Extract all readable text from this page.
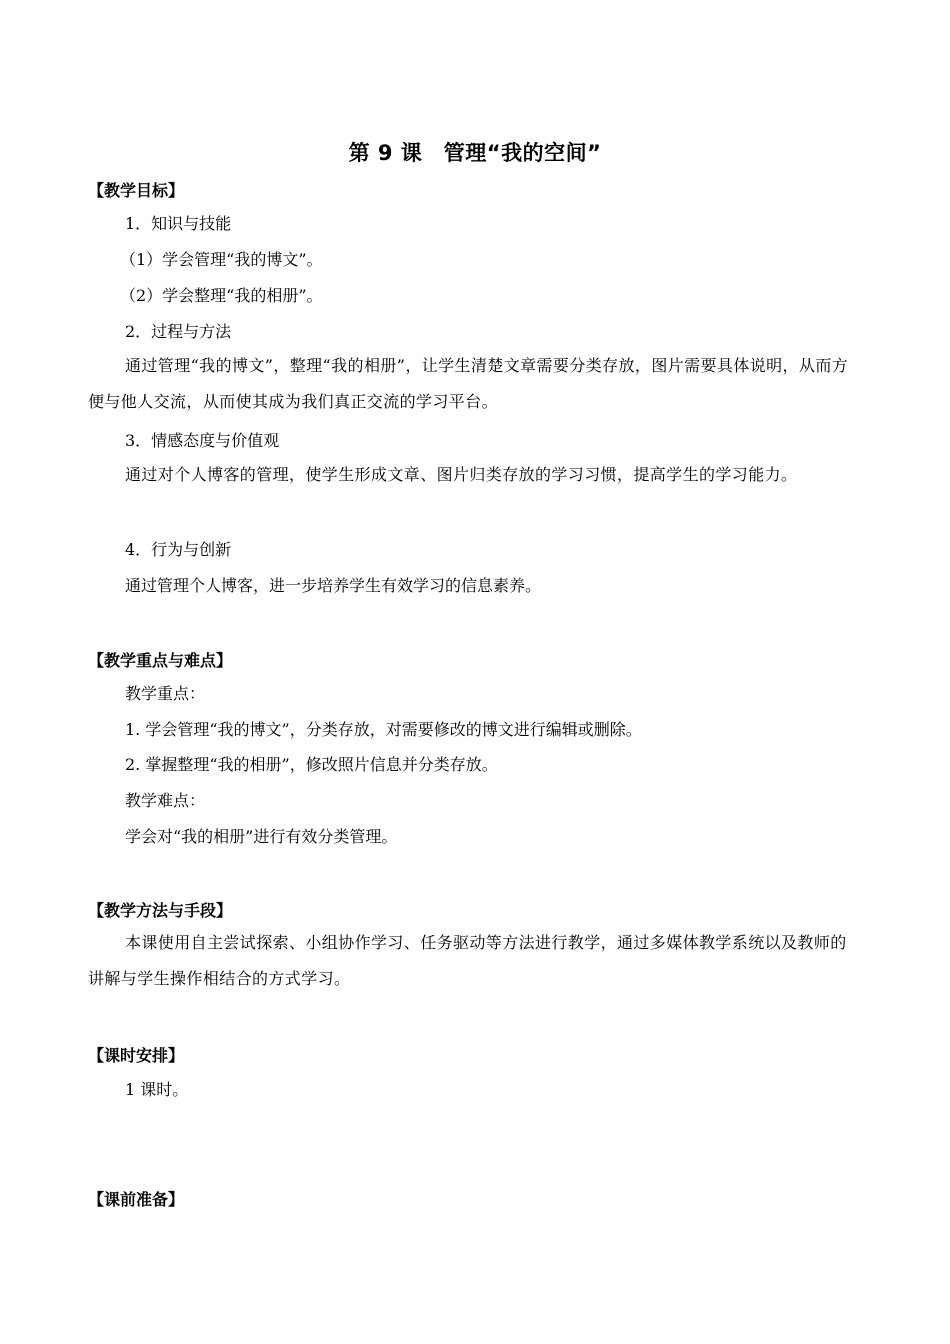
第 9 课　管理“我的空间”
【教学目标】
1．知识与技能
（1）学会管理“我的博文”。
（2）学会整理“我的相册”。
2．过程与方法
通过管理“我的博文”，整理“我的相册”，让学生清楚文章需要分类存放，图片需要具体说明，从而方便与他人交流，从而使其成为我们真正交流的学习平台。
3．情感态度与价值观
通过对个人博客的管理，使学生形成文章、图片归类存放的学习习惯，提高学生的学习能力。
4．行为与创新
通过管理个人博客，进一步培养学生有效学习的信息素养。
【教学重点与难点】
教学重点：
1. 学会管理“我的博文”，分类存放，对需要修改的博文进行编辑或删除。
2. 掌握整理“我的相册”，修改照片信息并分类存放。
教学难点：
学会对“我的相册”进行有效分类管理。
【教学方法与手段】
本课使用自主尝试探索、小组协作学习、任务驱动等方法进行教学，通过多媒体教学系统以及教师的讲解与学生操作相结合的方式学习。
【课时安排】
1 课时。
【课前准备】
